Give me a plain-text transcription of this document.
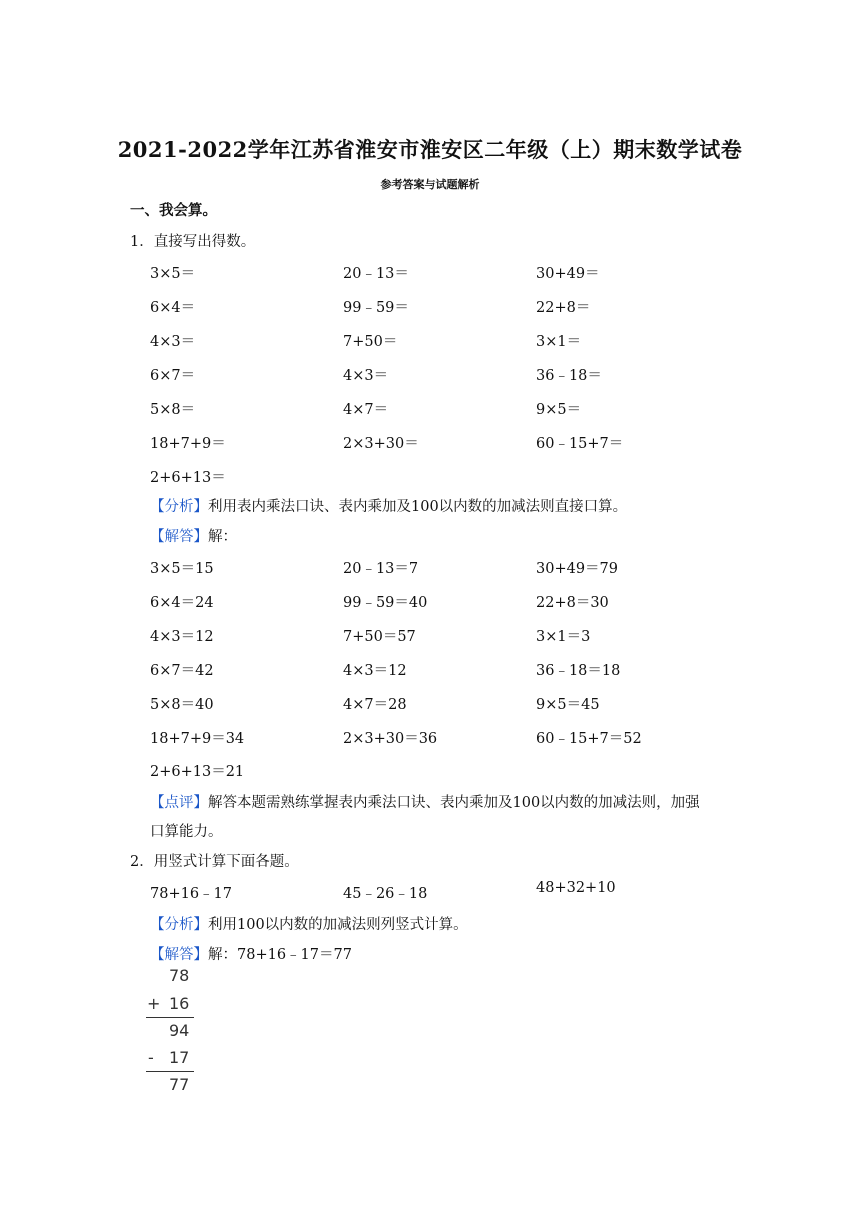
2021-2022学年江苏省淮安市淮安区二年级（上）期末数学试卷
参考答案与试题解析
一、我会算。
1．直接写出得数。
3×5＝	20﹣13＝	30+49＝
6×4＝	99﹣59＝	22+8＝
4×3＝	7+50＝	3×1＝
6×7＝	4×3＝	36﹣18＝
5×8＝	4×7＝	9×5＝
18+7+9＝	2×3+30＝	60﹣15+7＝
2+6+13＝
【分析】利用表内乘法口诀、表内乘加及100以内数的加减法则直接口算。
【解答】解：
3×5＝15	20﹣13＝7	30+49＝79
6×4＝24	99﹣59＝40	22+8＝30
4×3＝12	7+50＝57	3×1＝3
6×7＝42	4×3＝12	36﹣18＝18
5×8＝40	4×7＝28	9×5＝45
18+7+9＝34	2×3+30＝36	60﹣15+7＝52
2+6+13＝21
【点评】解答本题需熟练掌握表内乘法口诀、表内乘加及100以内数的加减法则，加强
口算能力。
2．用竖式计算下面各题。
78+16﹣17	45﹣26﹣18	48+32+10
【分析】利用100以内数的加减法则列竖式计算。
【解答】解：78+16﹣17＝77
78
+ 16
94
- 17
77
